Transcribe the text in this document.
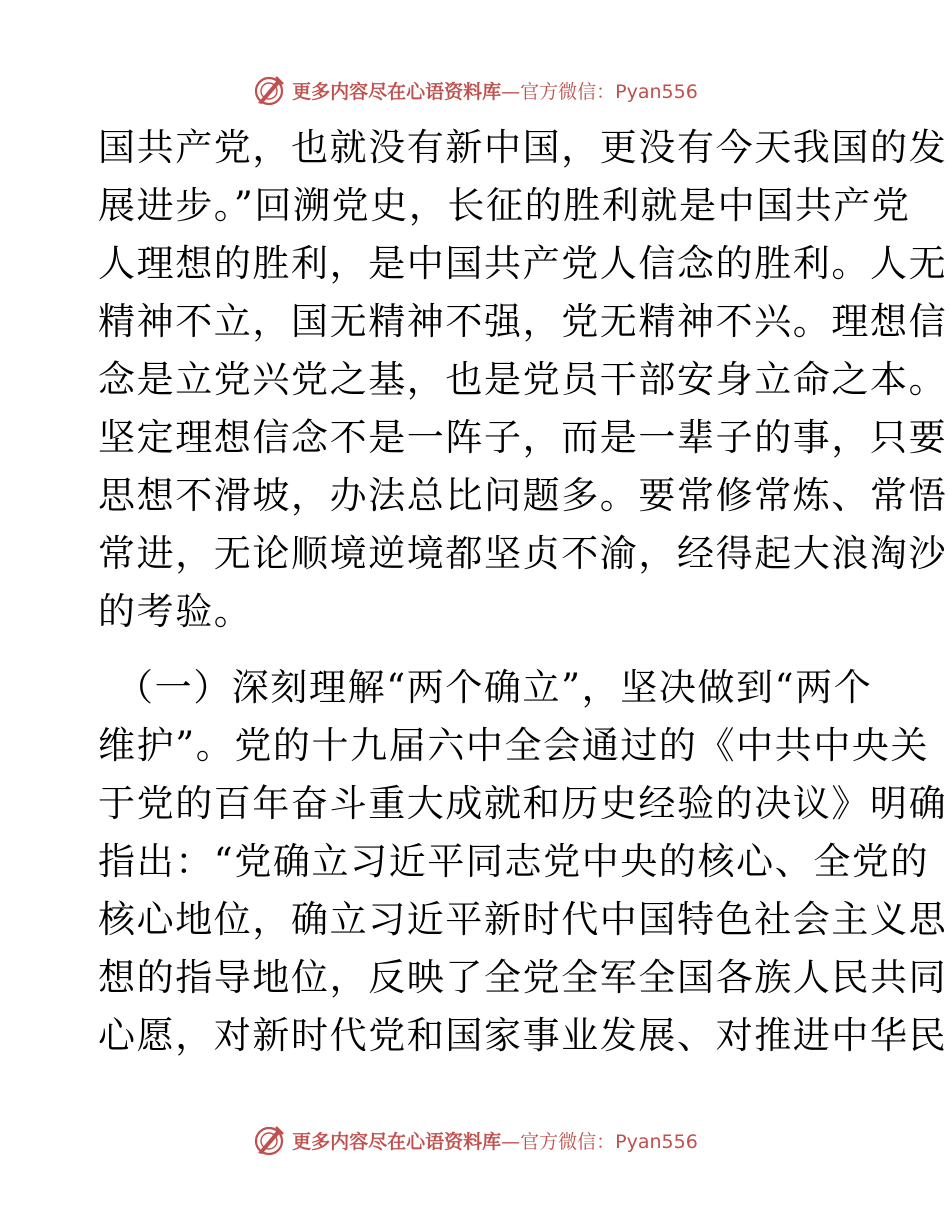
更多内容尽在心语资料库—官方微信：Pyan556
国共产党，也就没有新中国，更没有今天我国的发
展进步。”回溯党史，长征的胜利就是中国共产党
人理想的胜利，是中国共产党人信念的胜利。人无
精神不立，国无精神不强，党无精神不兴。理想信
念是立党兴党之基，也是党员干部安身立命之本。
坚定理想信念不是一阵子，而是一辈子的事，只要
思想不滑坡，办法总比问题多。要常修常炼、常悟
常进，无论顺境逆境都坚贞不渝，经得起大浪淘沙
的考验。
（一）深刻理解“两个确立”，坚决做到“两个
维护”。党的十九届六中全会通过的《中共中央关
于党的百年奋斗重大成就和历史经验的决议》明确
指出：“党确立习近平同志党中央的核心、全党的
核心地位，确立习近平新时代中国特色社会主义思
想的指导地位，反映了全党全军全国各族人民共同
心愿，对新时代党和国家事业发展、对推进中华民
更多内容尽在心语资料库—官方微信：Pyan556
